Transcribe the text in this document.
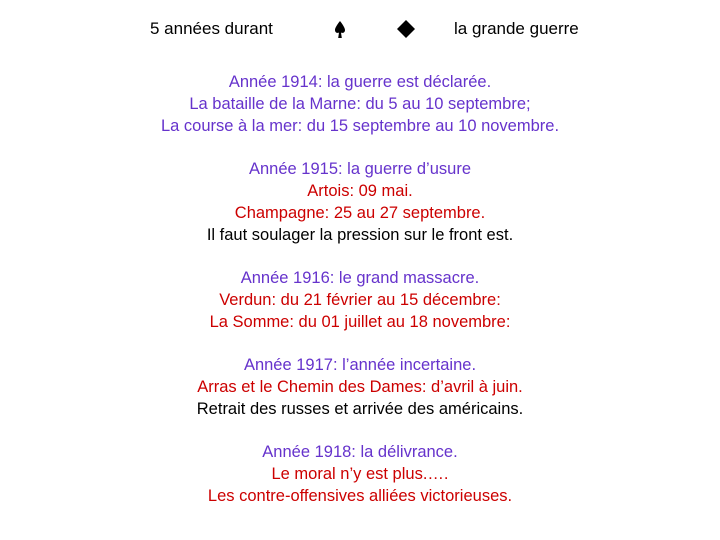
5 années durant	la grande guerre
Année 1914: la guerre est déclarée.
La bataille de la Marne: du 5 au 10 septembre;
La course à la mer: du 15 septembre au 10 novembre.
Année 1915: la guerre d’usure
Artois: 09 mai.
Champagne: 25 au 27 septembre.
Il faut soulager la pression sur le front est.
Année 1916: le grand massacre.
Verdun: du 21 février au 15 décembre:
La Somme: du 01 juillet au 18 novembre:
Année 1917: l’année incertaine.
Arras et le Chemin des Dames: d’avril à juin.
Retrait des russes et arrivée des américains.
Année 1918: la délivrance.
Le moral n’y est plus.….
Les contre-offensives alliées victorieuses.
